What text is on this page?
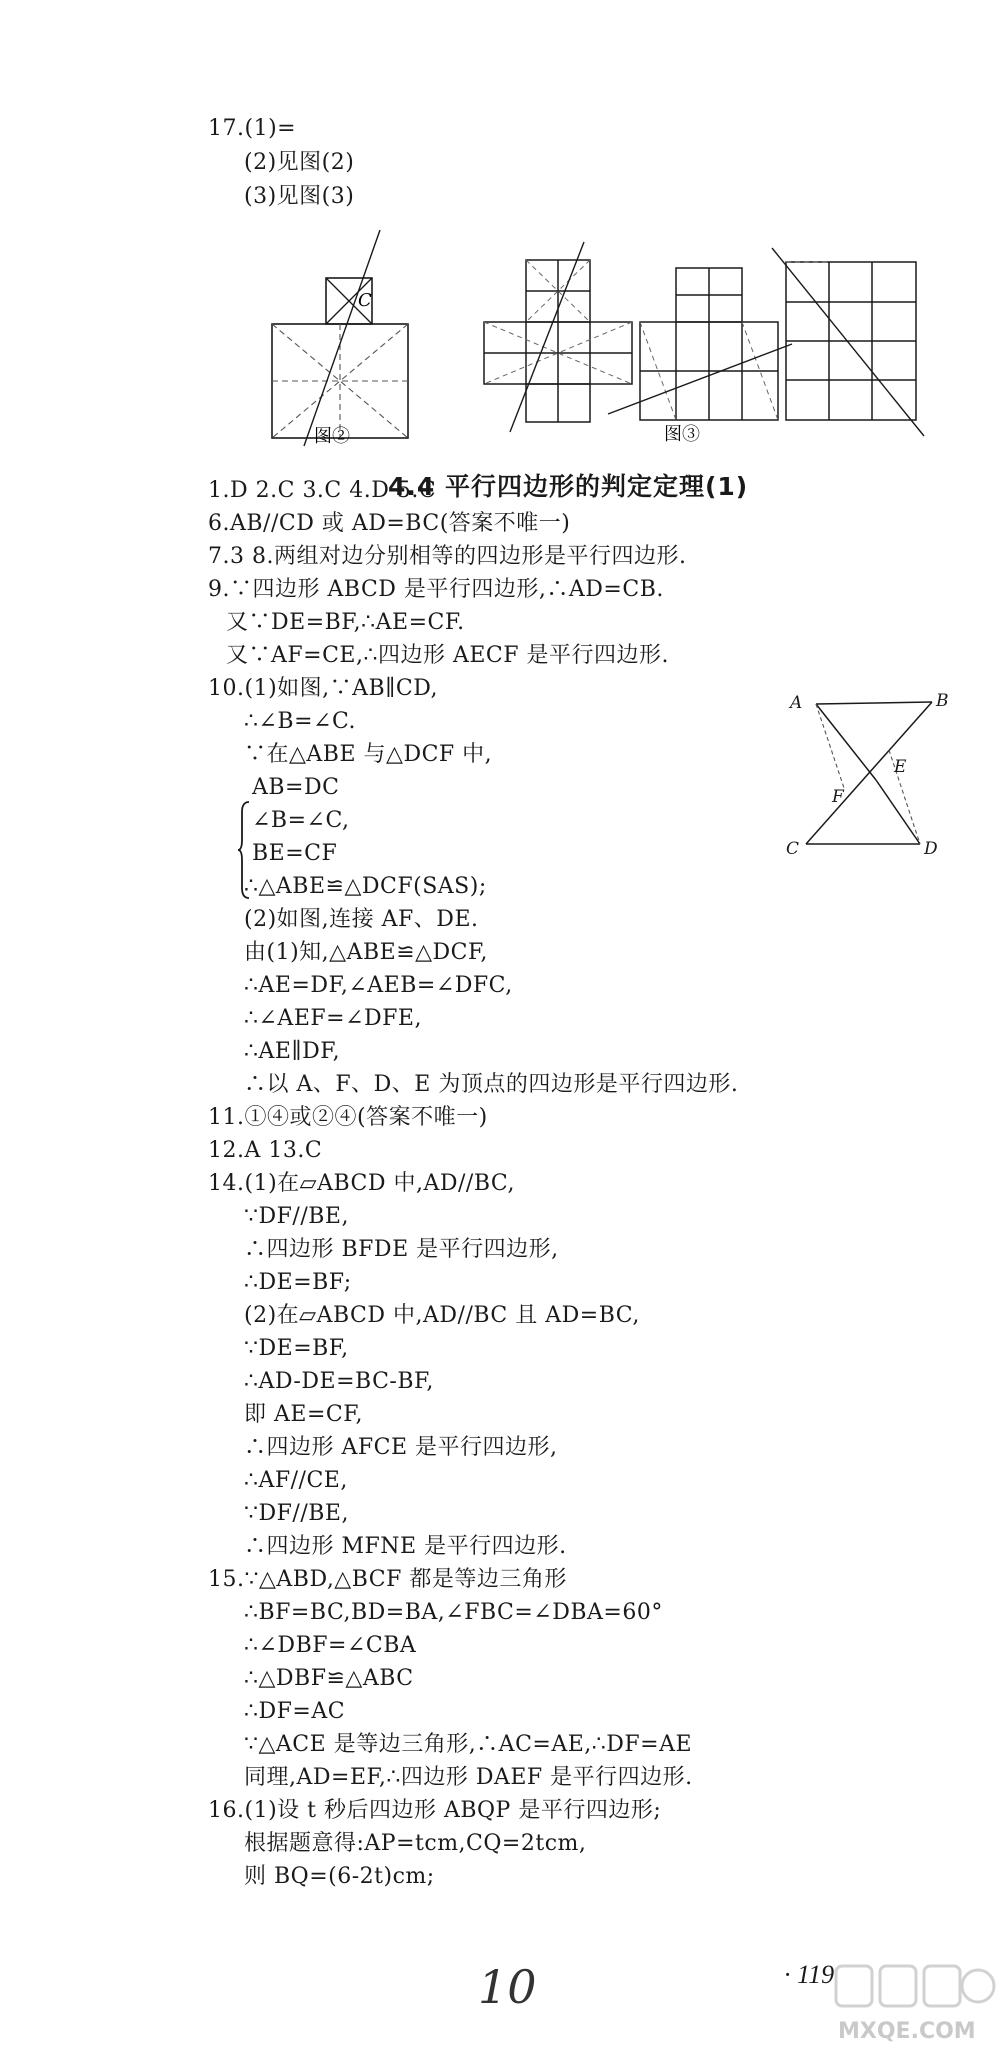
17.(1)=
(2)见图(2)
(3)见图(3)
1.D 2.C 3.C 4.D 5.C
6.AB//CD 或 AD=BC(答案不唯一)
7.3 8.两组对边分别相等的四边形是平行四边形.
9.∵四边形 ABCD 是平行四边形,∴AD=CB.
又∵DE=BF,∴AE=CF.
又∵AF=CE,∴四边形 AECF 是平行四边形.
10.(1)如图,∵AB∥CD,
∴∠B=∠C.
∵在△ABE 与△DCF 中,
AB=DC
∠B=∠C,
BE=CF
∴△ABE≌△DCF(SAS);
(2)如图,连接 AF、DE.
由(1)知,△ABE≌△DCF,
∴AE=DF,∠AEB=∠DFC,
∴∠AEF=∠DFE,
∴AE∥DF,
∴以 A、F、D、E 为顶点的四边形是平行四边形.
11.①④或②④(答案不唯一)
12.A 13.C
14.(1)在▱ABCD 中,AD//BC,
∵DF//BE,
∴四边形 BFDE 是平行四边形,
∴DE=BF;
(2)在▱ABCD 中,AD//BC 且 AD=BC,
∵DE=BF,
∴AD-DE=BC-BF,
即 AE=CF,
∴四边形 AFCE 是平行四边形,
∴AF//CE,
∵DF//BE,
∴四边形 MFNE 是平行四边形.
15.∵△ABD,△BCF 都是等边三角形
∴BF=BC,BD=BA,∠FBC=∠DBA=60°
∴∠DBF=∠CBA
∴△DBF≌△ABC
∴DF=AC
∵△ACE 是等边三角形,∴AC=AE,∴DF=AE
同理,AD=EF,∴四边形 DAEF 是平行四边形.
16.(1)设 t 秒后四边形 ABQP 是平行四边形;
根据题意得:AP=tcm,CQ=2tcm,
则 BQ=(6-2t)cm;
4.4 平行四边形的判定定理(1)
C
图②	图③
A	B
C	D
E
F
10	· 119
MXQE.COM
